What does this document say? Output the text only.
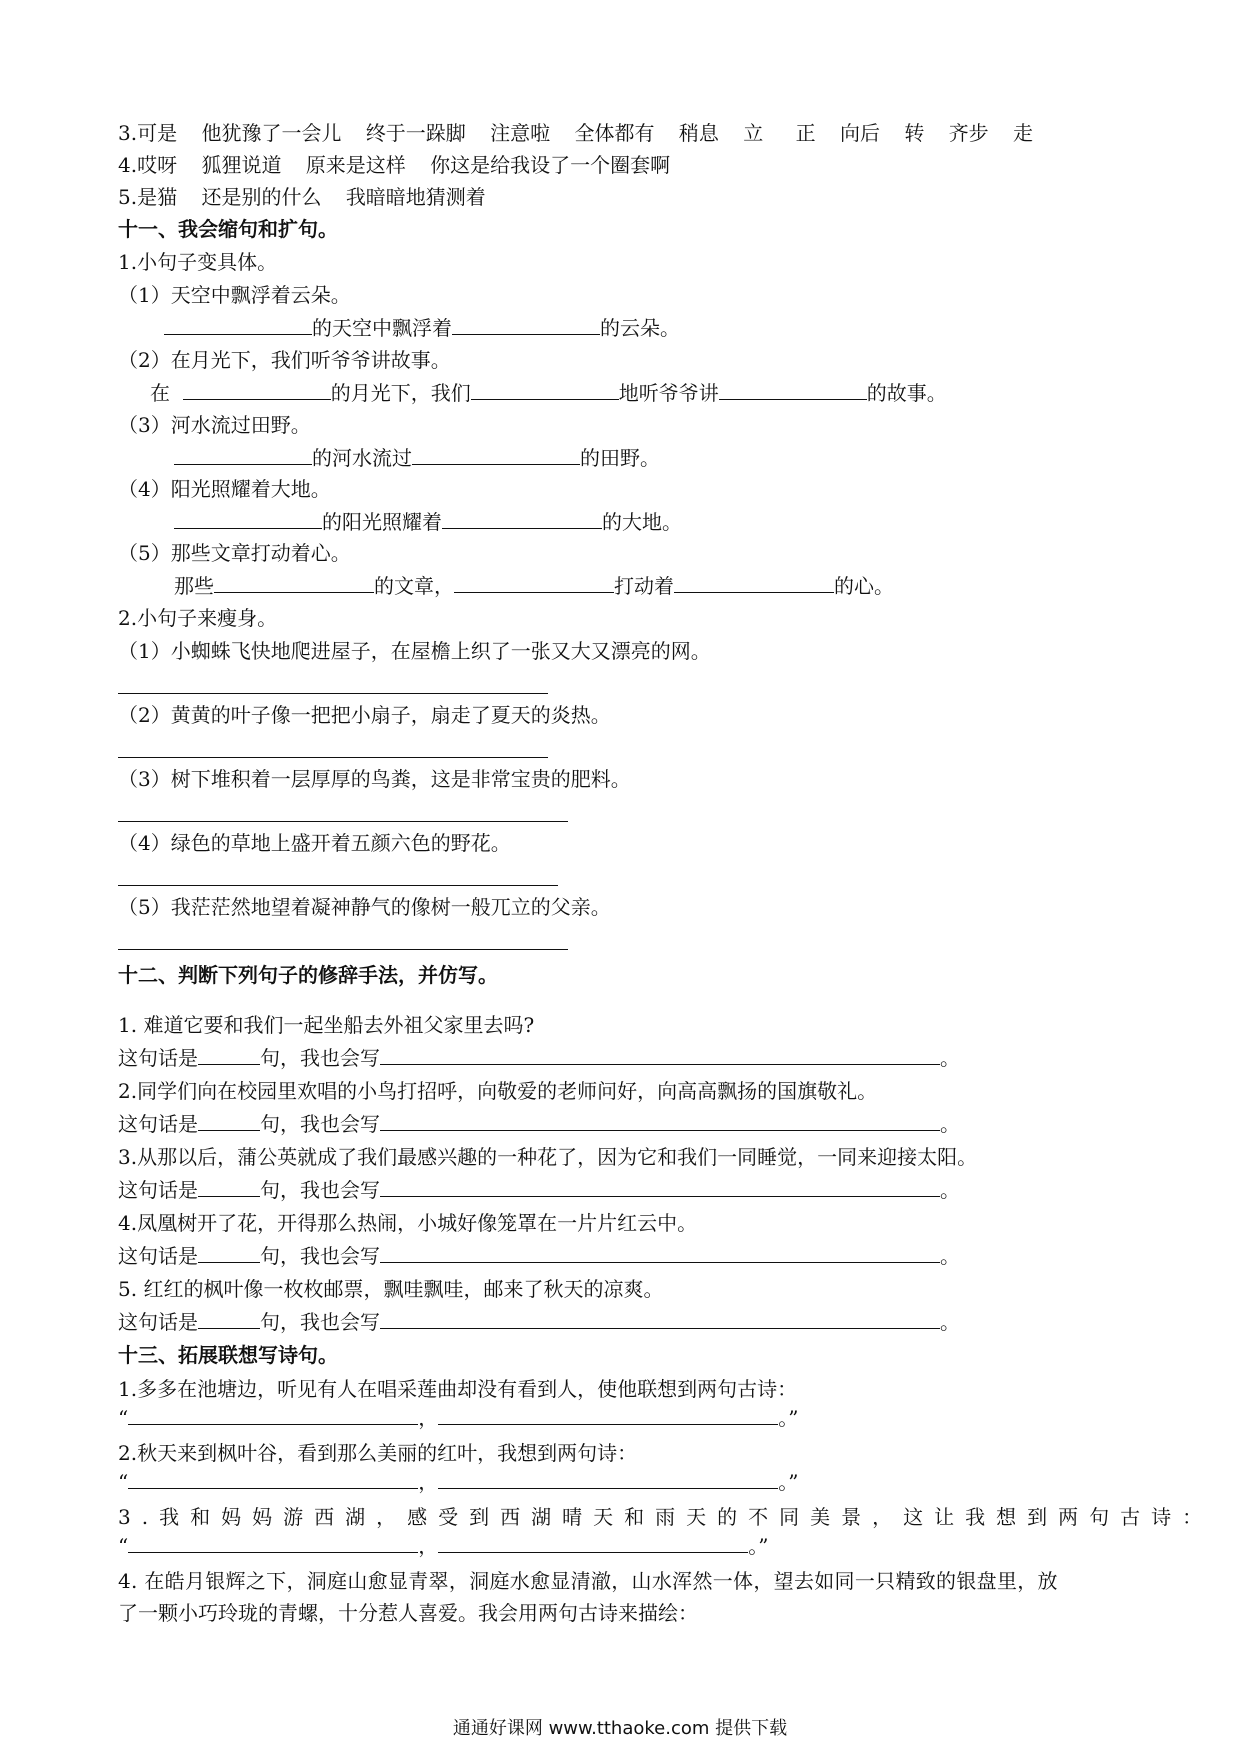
3.可是 他犹豫了一会儿 终于一跺脚 注意啦 全体都有 稍息 立 正 向后 转 齐步 走
4.哎呀 狐狸说道 原来是这样 你这是给我设了一个圈套啊
5.是猫 还是别的什么 我暗暗地猜测着
十一、我会缩句和扩句。
1.小句子变具体。
（1）天空中飘浮着云朵。
的天空中飘浮着	的云朵。
（2）在月光下，我们听爷爷讲故事。
在	的月光下，我们	地听爷爷讲	的故事。
（3）河水流过田野。
的河水流过	的田野。
（4）阳光照耀着大地。
的阳光照耀着	的大地。
（5）那些文章打动着心。
那些	的文章，	打动着	的心。
2.小句子来瘦身。
（1）小蜘蛛飞快地爬进屋子，在屋檐上织了一张又大又漂亮的网。
（2）黄黄的叶子像一把把小扇子，扇走了夏天的炎热。
（3）树下堆积着一层厚厚的鸟粪，这是非常宝贵的肥料。
（4）绿色的草地上盛开着五颜六色的野花。
（5）我茫茫然地望着凝神静气的像树一般兀立的父亲。
十二、判断下列句子的修辞手法，并仿写。
1. 难道它要和我们一起坐船去外祖父家里去吗?
这句话是	句，我也会写	。
2.同学们向在校园里欢唱的小鸟打招呼，向敬爱的老师问好，向高高飘扬的国旗敬礼。
这句话是	句，我也会写	。
3.从那以后，蒲公英就成了我们最感兴趣的一种花了，因为它和我们一同睡觉，一同来迎接太阳。
这句话是	句，我也会写	。
4.凤凰树开了花，开得那么热闹，小城好像笼罩在一片片红云中。
这句话是	句，我也会写	。
5. 红红的枫叶像一枚枚邮票，飘哇飘哇，邮来了秋天的凉爽。
这句话是	句，我也会写	。
十三、拓展联想写诗句。
1.多多在池塘边，听见有人在唱采莲曲却没有看到人，使他联想到两句古诗：
“	，	。”
2.秋天来到枫叶谷，看到那么美丽的红叶，我想到两句诗：
“	，	。”
3.我和妈妈游西湖，感受到西湖晴天和雨天的不同美景，这让我想到两句古诗：
“	，	。”
4. 在皓月银辉之下，洞庭山愈显青翠，洞庭水愈显清澈，山水浑然一体，望去如同一只精致的银盘里，放
了一颗小巧玲珑的青螺，十分惹人喜爱。我会用两句古诗来描绘：
通通好课网 www.tthaoke.com 提供下载
